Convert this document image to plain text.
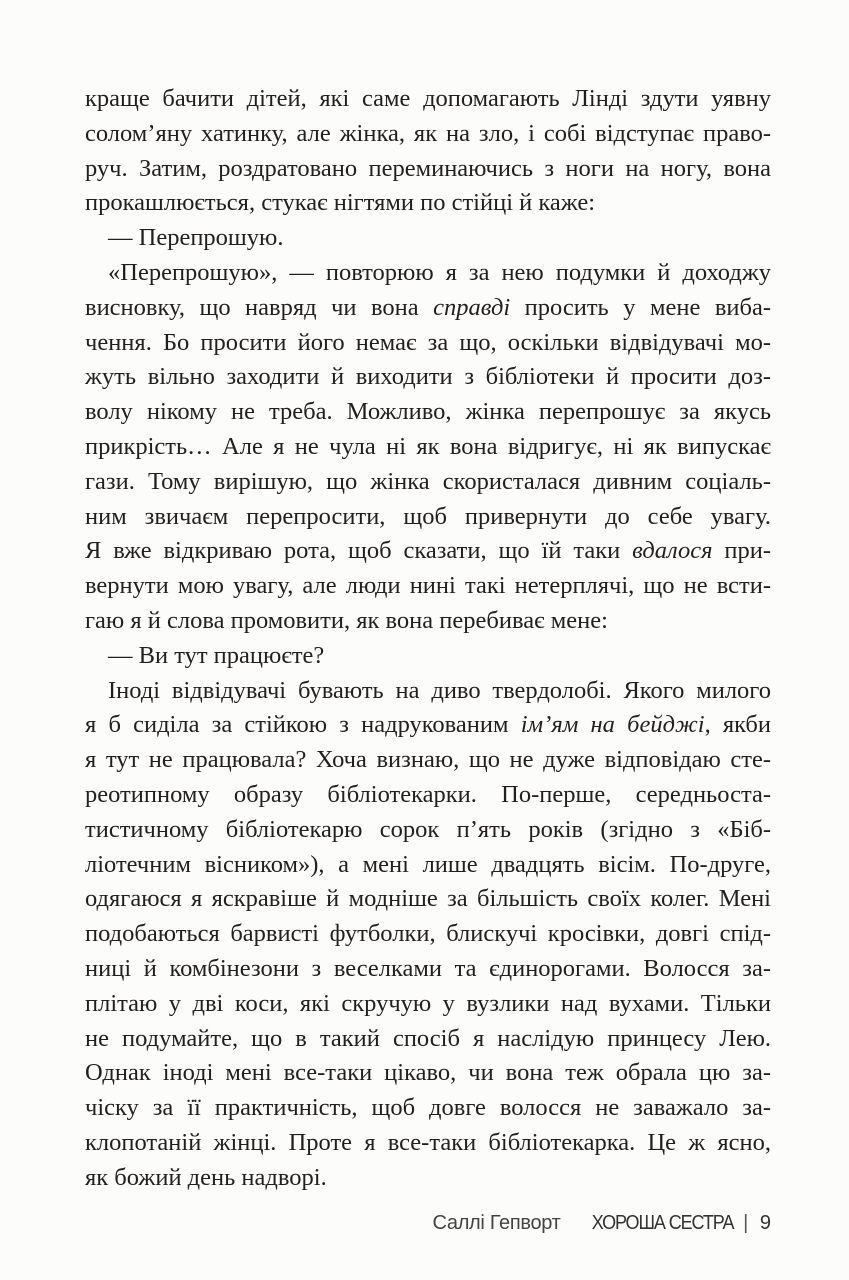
краще бачити дітей, які саме допомагають Лінді здути уявну
солом’яну хатинку, але жінка, як на зло, і собі відступає право-
руч. Затим, роздратовано переминаючись з ноги на ногу, вона
прокашлюється, стукає нігтями по стійці й каже:
— Перепрошую.
«Перепрошую», — повторюю я за нею подумки й доходжу
висновку, що навряд чи вона справді просить у мене виба-
чення. Бо просити його немає за що, оскільки відвідувачі мо-
жуть вільно заходити й виходити з бібліотеки й просити доз-
волу нікому не треба. Можливо, жінка перепрошує за якусь
прикрість… Але я не чула ні як вона відригує, ні як випускає
гази. Тому вирішую, що жінка скористалася дивним соціаль-
ним звичаєм перепросити, щоб привернути до себе увагу.
Я вже відкриваю рота, щоб сказати, що їй таки вдалося при-
вернути мою увагу, але люди нині такі нетерплячі, що не всти-
гаю я й слова промовити, як вона перебиває мене:
— Ви тут працюєте?
Іноді відвідувачі бувають на диво твердолобі. Якого милого
я б сиділа за стійкою з надрукованим ім’ям на бейджі, якби
я тут не працювала? Хоча визнаю, що не дуже відповідаю сте-
реотипному образу бібліотекарки. По-перше, середньоста-
тистичному бібліотекарю сорок п’ять років (згідно з «Біб-
ліотечним вісником»), а мені лише двадцять вісім. По-друге,
одягаюся я яскравіше й модніше за більшість своїх колег. Мені
подобаються барвисті футболки, блискучі кросівки, довгі спід-
ниці й комбінезони з веселками та єдинорогами. Волосся за-
плітаю у дві коси, які скручую у вузлики над вухами. Тільки
не подумайте, що в такий спосіб я наслідую принцесу Лею.
Однак іноді мені все-таки цікаво, чи вона теж обрала цю за-
чіску за її практичність, щоб довге волосся не заважало за-
клопотаній жінці. Проте я все-таки бібліотекарка. Це ж ясно,
як божий день надворі.
Саллі Гепворт ХОРОША СЕСТРА | 9
